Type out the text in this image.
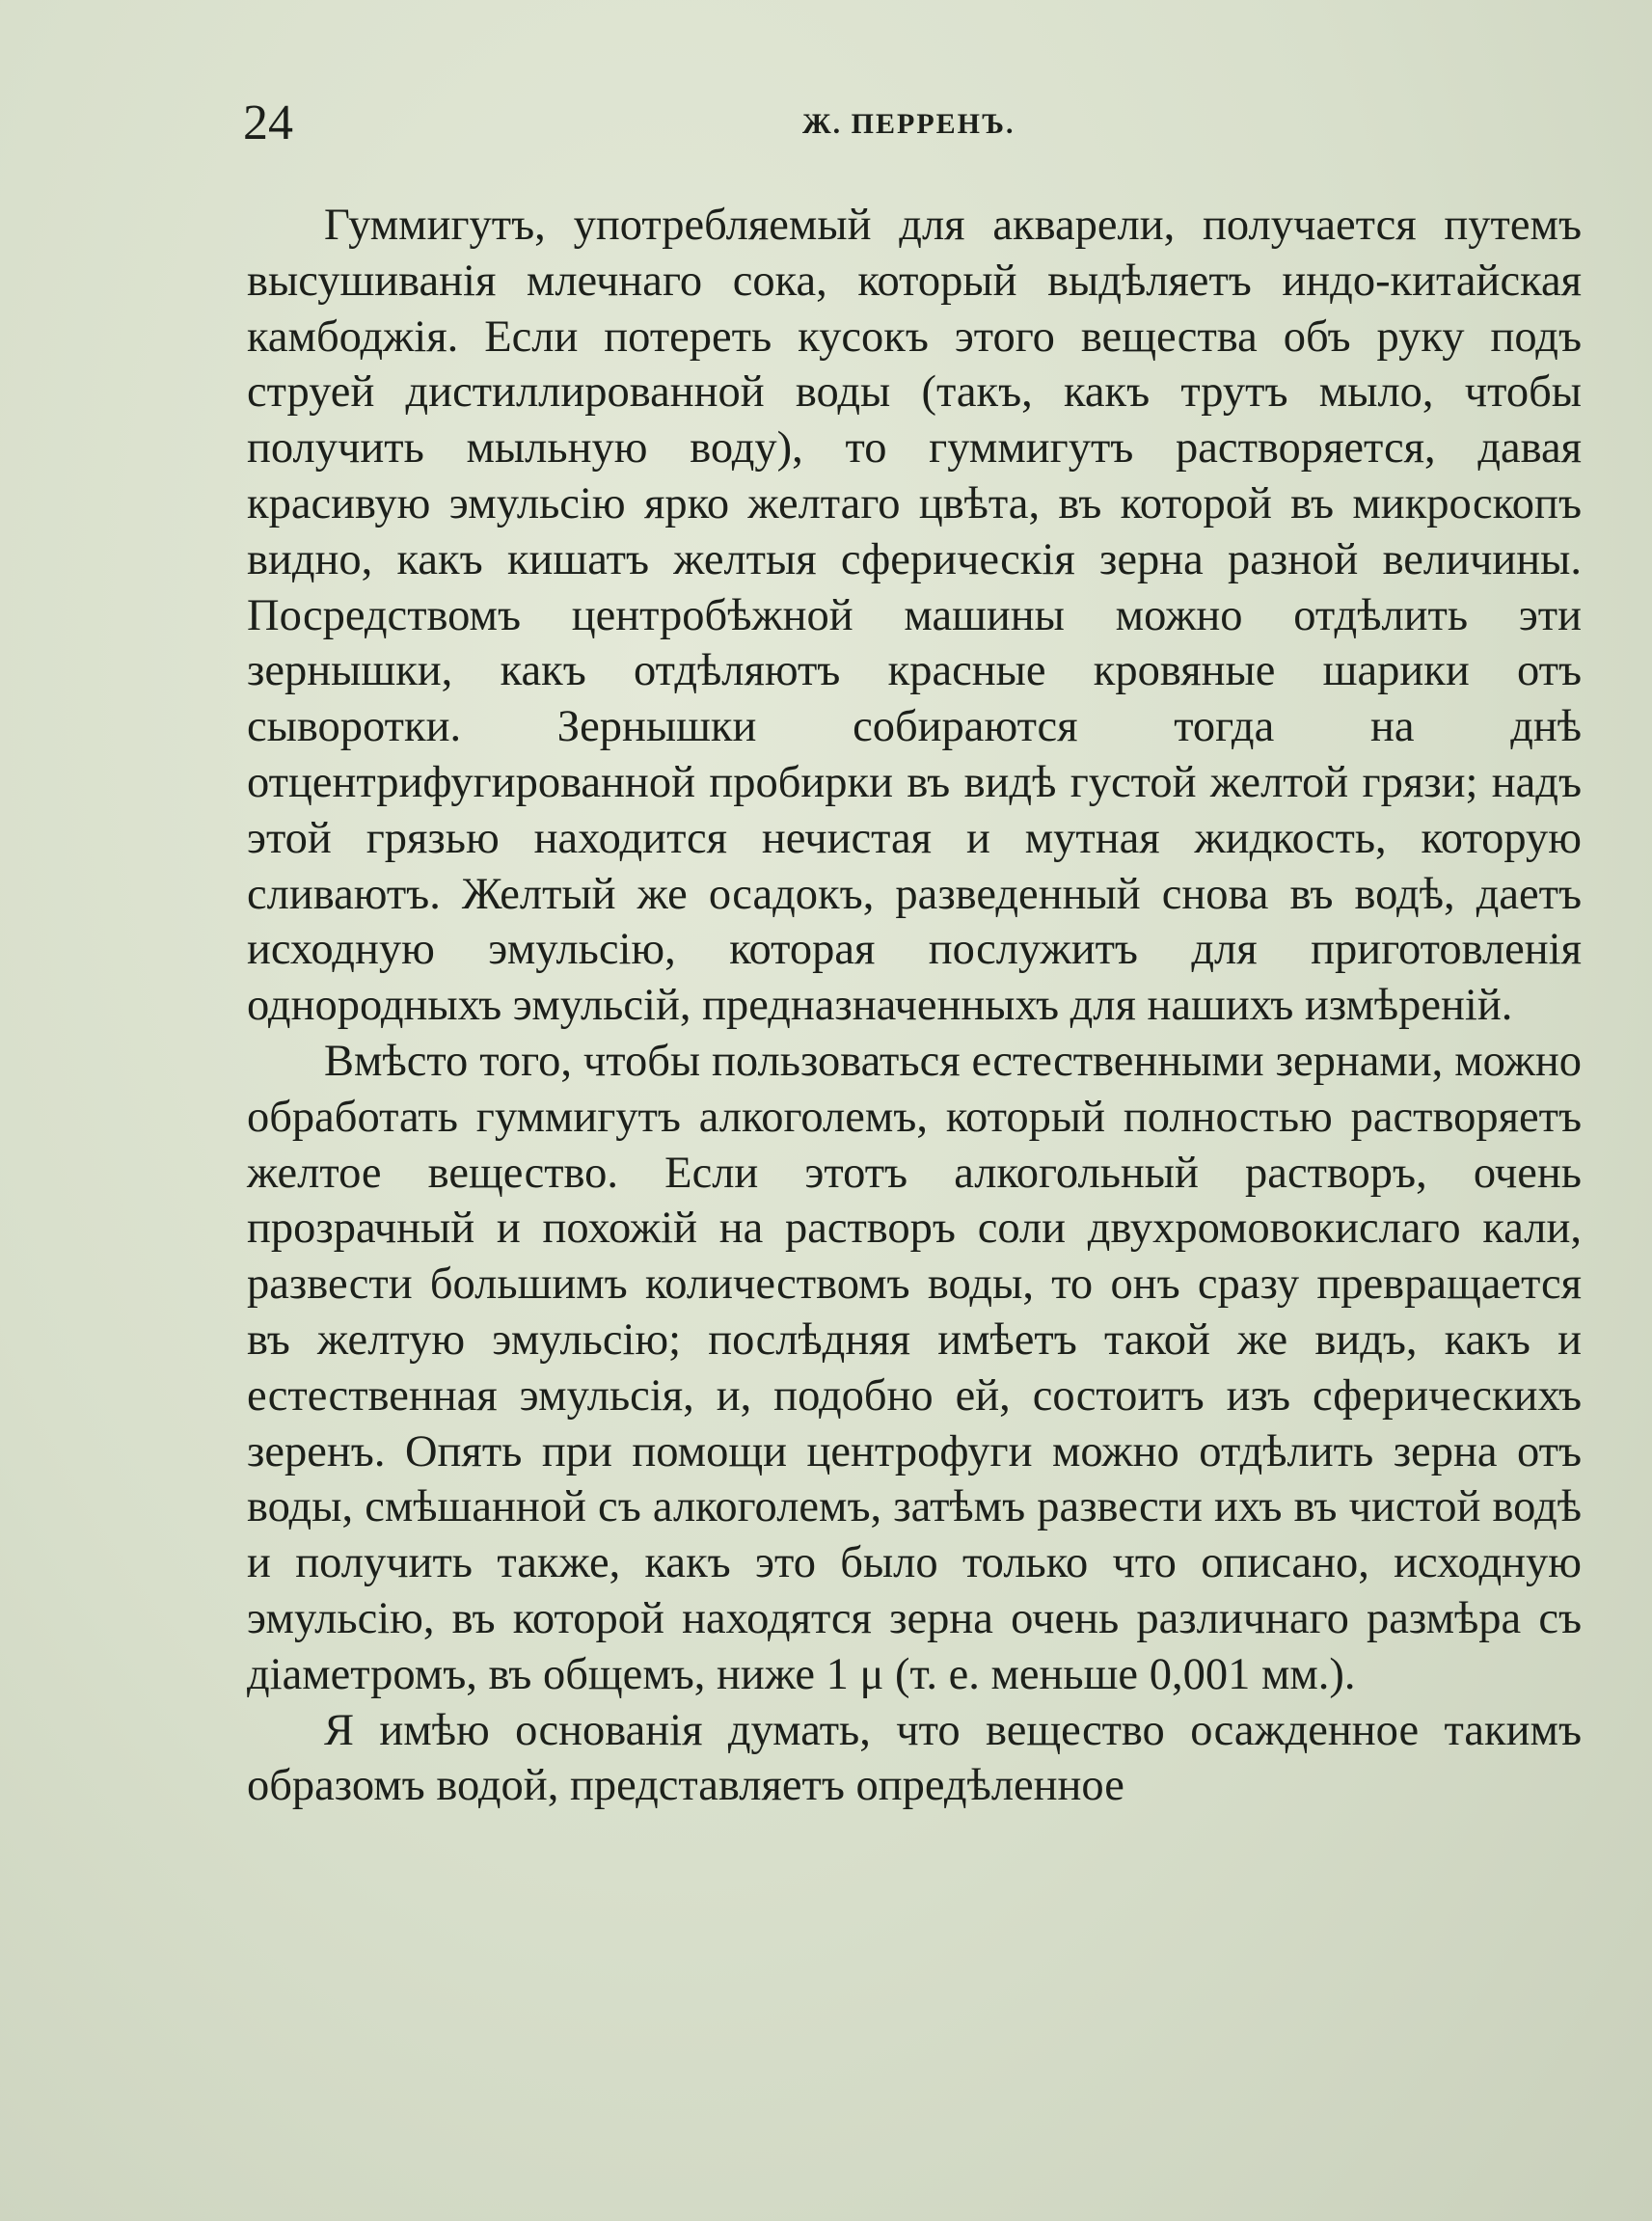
24	Ж. ПЕРРЕНЪ.

Гуммигутъ, употребляемый для акварели, получается путемъ высушиванія млечнаго сока, который выдѣляетъ индо-китайская камбоджія. Если потереть кусокъ этого вещества объ руку подъ струей дистиллированной воды (такъ, какъ трутъ мыло, чтобы получить мыльную воду), то гуммигутъ растворяется, давая красивую эмульсію ярко желтаго цвѣта, въ которой въ микроскопъ видно, какъ кишатъ желтыя сферическія зерна разной величины. Посредствомъ центробѣжной машины можно отдѣлить эти зернышки, какъ отдѣляютъ красные кровяные шарики отъ сыворотки. Зернышки собираются тогда на днѣ отцентрифугированной пробирки въ видѣ густой желтой грязи; надъ этой грязью находится нечистая и мутная жидкость, которую сливаютъ. Желтый же осадокъ, разведенный снова въ водѣ, даетъ исходную эмульсію, которая послужитъ для приготовленія однородныхъ эмульсій, предназначенныхъ для нашихъ измѣреній.

Вмѣсто того, чтобы пользоваться естественными зернами, можно обработать гуммигутъ алкоголемъ, который полностью растворяетъ желтое вещество. Если этотъ алкогольный растворъ, очень прозрачный и похожій на растворъ соли двухромовокислаго кали, развести большимъ количествомъ воды, то онъ сразу превращается въ желтую эмульсію; послѣдняя имѣетъ такой же видъ, какъ и естественная эмульсія, и, подобно ей, состоитъ изъ сферическихъ зеренъ. Опять при помощи центрофуги можно отдѣлить зерна отъ воды, смѣшанной съ алкоголемъ, затѣмъ развести ихъ въ чистой водѣ и получить также, какъ это было только что описано, исходную эмульсію, въ которой находятся зерна очень различнаго размѣра съ діаметромъ, въ общемъ, ниже 1 μ (т. е. меньше 0,001 мм.).

Я имѣю основанія думать, что вещество осажденное такимъ образомъ водой, представляетъ опредѣленное
